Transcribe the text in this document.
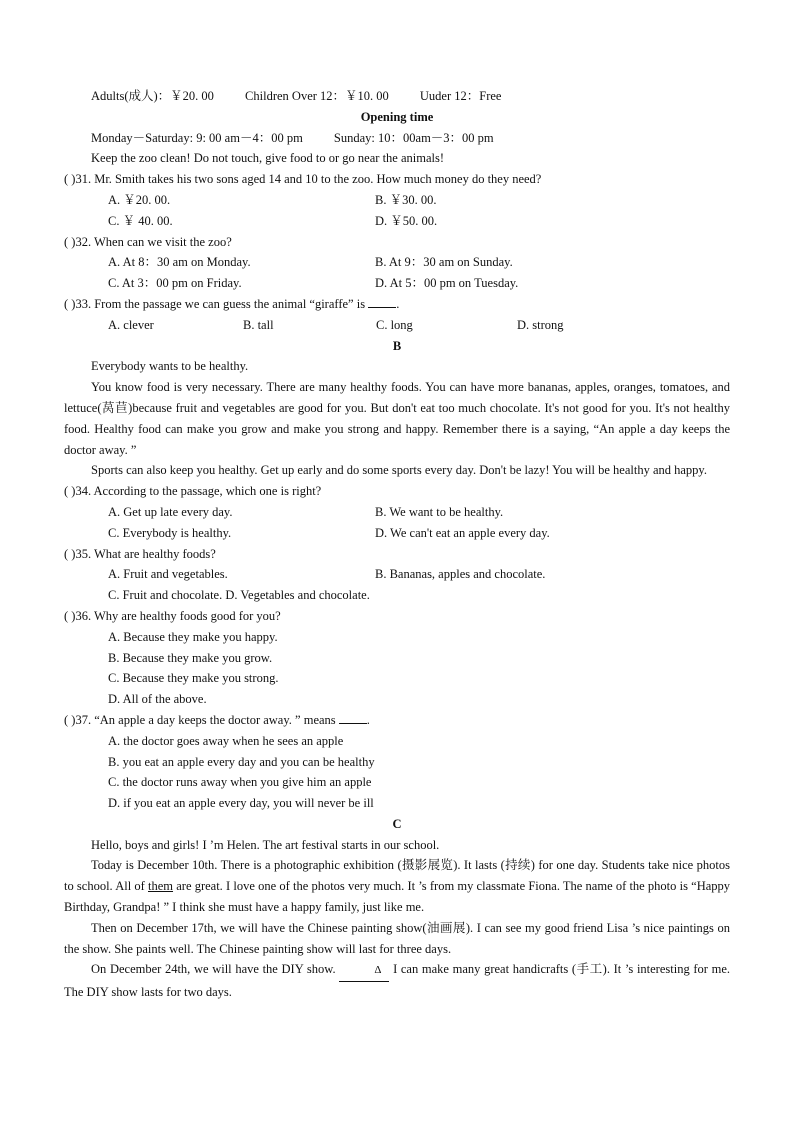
Adults(成人)：￥20. 00 Children Over 12：￥10. 00 Uuder 12：Free
Opening time
Monday－Saturday: 9: 00 am－4：00 pm Sunday: 10：00am－3：00 pm
Keep the zoo clean! Do not touch, give food to or go near the animals!
( )31. Mr. Smith takes his two sons aged 14 and 10 to the zoo. How much money do they need?
A. ￥20. 00.	B. ￥30. 00.
C. ￥ 40. 00.	D. ￥50. 00.
( )32. When can we visit the zoo?
A. At 8：30 am on Monday.	B. At 9：30 am on Sunday.
C. At 3：00 pm on Friday.	D. At 5：00 pm on Tuesday.
( )33. From the passage we can guess the animal “giraffe” is .
A. clever	B. tall	C. long	D. strong
B
Everybody wants to be healthy.
You know food is very necessary. There are many healthy foods. You can have more bananas, apples, oranges, tomatoes, and lettuce(莴苣)because fruit and vegetables are good for you. But don't eat too much chocolate. It's not good for you. It's not healthy food. Healthy food can make you grow and make you strong and happy. Remember there is a saying, “An apple a day keeps the doctor away. ”
Sports can also keep you healthy. Get up early and do some sports every day. Don't be lazy! You will be healthy and happy.
( )34. According to the passage, which one is right?
A. Get up late every day.	B. We want to be healthy.
C. Everybody is healthy.	D. We can't eat an apple every day.
( )35. What are healthy foods?
A. Fruit and vegetables.	B. Bananas, apples and chocolate.
C. Fruit and chocolate. D. Vegetables and chocolate.
( )36. Why are healthy foods good for you?
A. Because they make you happy.
B. Because they make you grow.
C. Because they make you strong.
D. All of the above.
( )37. “An apple a day keeps the doctor away. ” means .
A. the doctor goes away when he sees an apple
B. you eat an apple every day and you can be healthy
C. the doctor runs away when you give him an apple
D. if you eat an apple every day, you will never be ill
C
Hello, boys and girls! I ’m Helen. The art festival starts in our school.
Today is December 10th. There is a photographic exhibition (摄影展览). It lasts (持续) for one day. Students take nice photos to school. All of them are great. I love one of the photos very much. It ’s from my classmate Fiona. The name of the photo is “Happy Birthday, Grandpa! ” I think she must have a happy family, just like me.
Then on December 17th, we will have the Chinese painting show(油画展). I can see my good friend Lisa ’s nice paintings on the show. She paints well. The Chinese painting show will last for three days.
On December 24th, we will have the DIY show.	Δ I can make many great handicrafts (手工). It ’s interesting for me. The DIY show lasts for two days.
